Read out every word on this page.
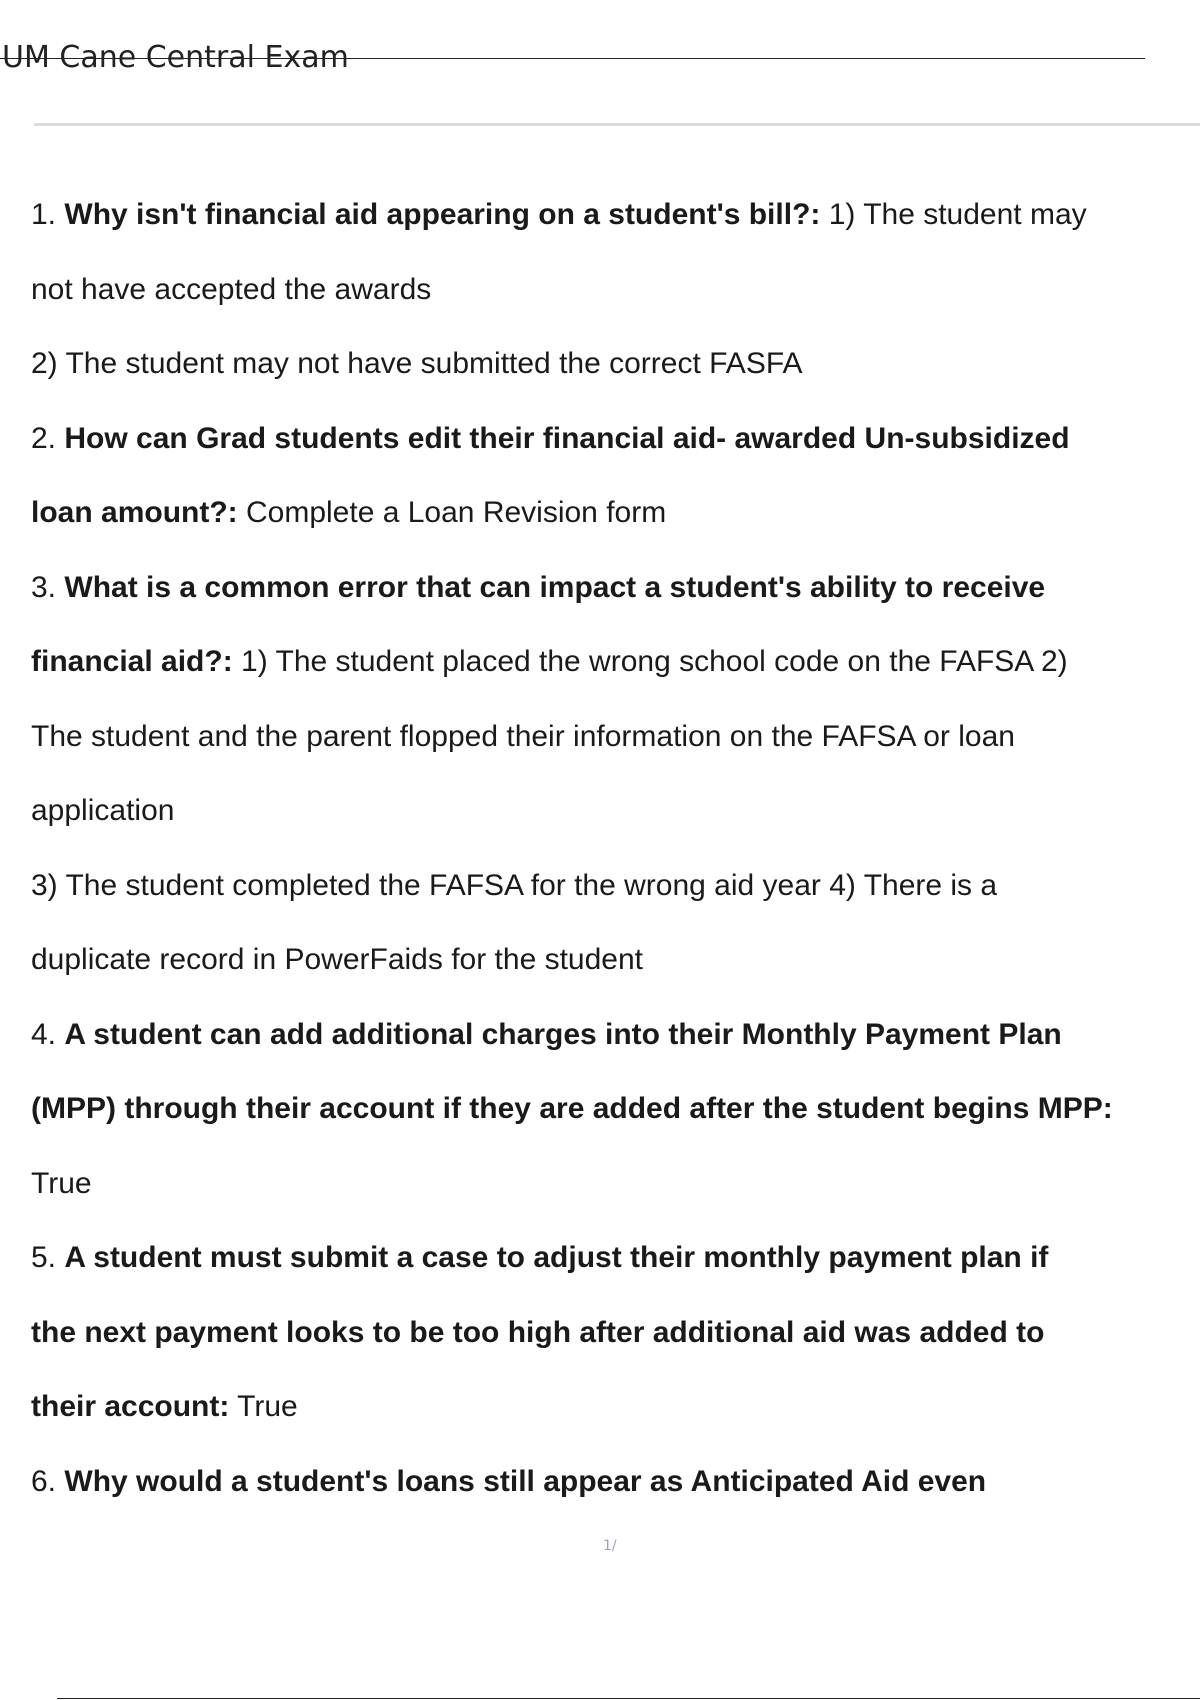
UM Cane Central Exam
1. Why isn't financial aid appearing on a student's bill?: 1) The student may
not have accepted the awards
2) The student may not have submitted the correct FASFA
2. How can Grad students edit their financial aid- awarded Un-subsidized
loan amount?: Complete a Loan Revision form
3. What is a common error that can impact a student's ability to receive
financial aid?: 1) The student placed the wrong school code on the FAFSA 2)
The student and the parent flopped their information on the FAFSA or loan
application
3) The student completed the FAFSA for the wrong aid year 4) There is a
duplicate record in PowerFaids for the student
4. A student can add additional charges into their Monthly Payment Plan
(MPP) through their account if they are added after the student begins MPP:
True
5. A student must submit a case to adjust their monthly payment plan if
the next payment looks to be too high after additional aid was added to
their account: True
6. Why would a student's loans still appear as Anticipated Aid even
1/
